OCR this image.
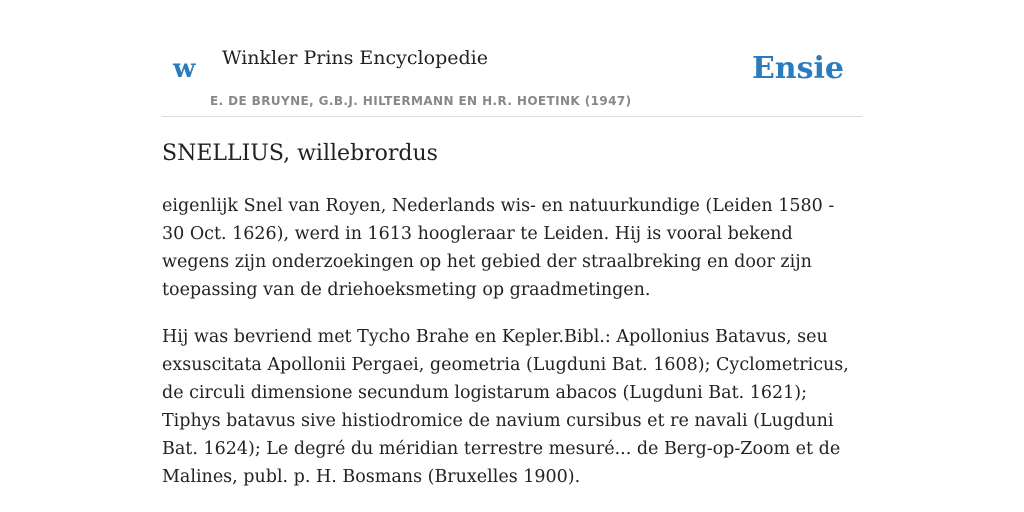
w Winkler Prins Encyclopedie
E. DE BRUYNE, G.B.J. HILTERMANN EN H.R. HOETINK (1947)
Ensie
SNELLIUS, willebrordus

eigenlijk Snel van Royen, Nederlands wis- en natuurkundige (Leiden 1580 - 30 Oct. 1626), werd in 1613 hoogleraar te Leiden. Hij is vooral bekend wegens zijn onderzoekingen op het gebied der straalbreking en door zijn toepassing van de driehoeksmeting op graadmetingen.

Hij was bevriend met Tycho Brahe en Kepler.Bibl.: Apollonius Batavus, seu exsuscitata Apollonii Pergaei, geometria (Lugduni Bat. 1608); Cyclometricus, de circuli dimensione secundum logistarum abacos (Lugduni Bat. 1621); Tiphys batavus sive histiodromice de navium cursibus et re navali (Lugduni Bat. 1624); Le degré du méridian terrestre mesuré... de Berg-op-Zoom et de Malines, publ. p. H. Bosmans (Bruxelles 1900).
